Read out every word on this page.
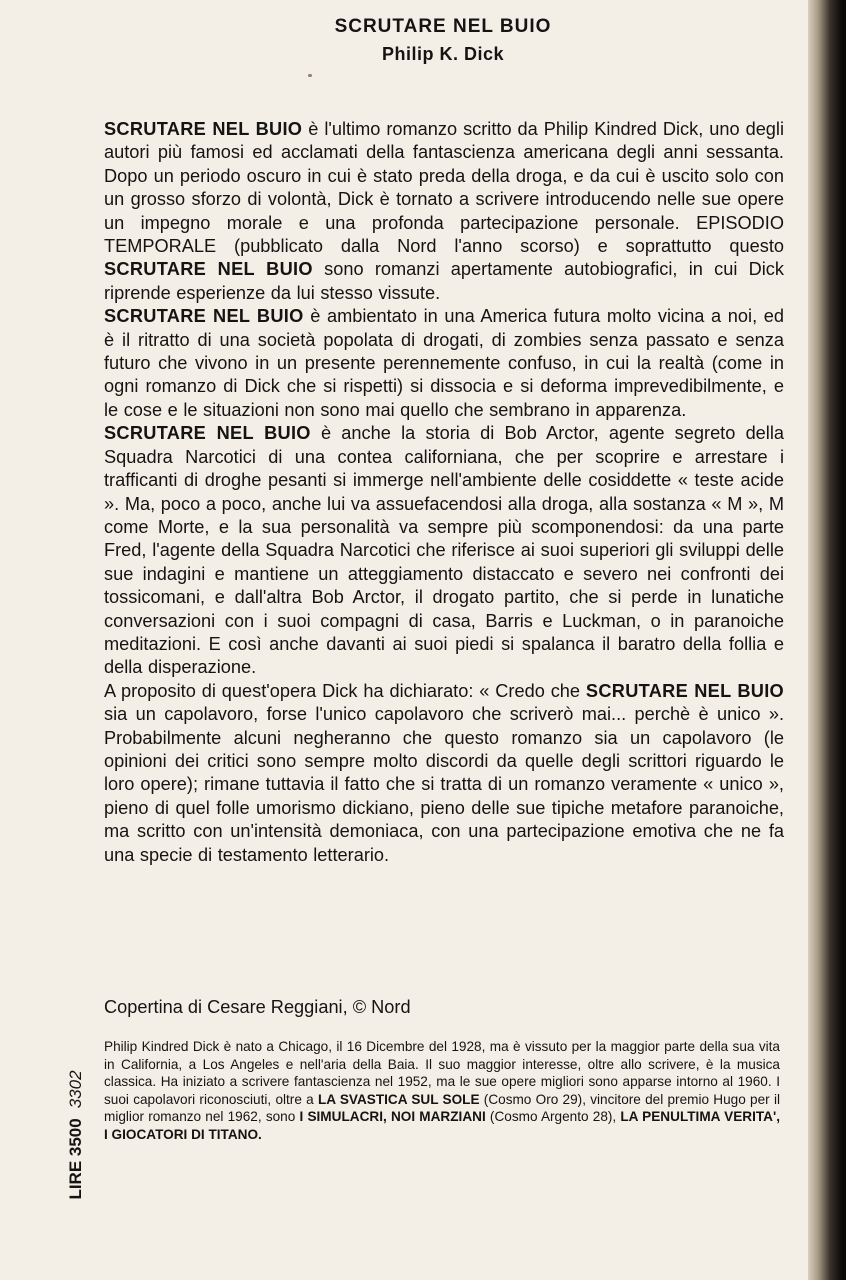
SCRUTARE NEL BUIO
Philip K. Dick

SCRUTARE NEL BUIO è l'ultimo romanzo scritto da Philip Kindred Dick, uno degli autori più famosi ed acclamati della fantascienza americana degli anni sessanta. Dopo un periodo oscuro in cui è stato preda della droga, e da cui è uscito solo con un grosso sforzo di volontà, Dick è tornato a scrivere introducendo nelle sue opere un impegno morale e una profonda partecipazione personale. EPISODIO TEMPORALE (pubblicato dalla Nord l'anno scorso) e soprattutto questo SCRUTARE NEL BUIO sono romanzi apertamente autobiografici, in cui Dick riprende esperienze da lui stesso vissute.

SCRUTARE NEL BUIO è ambientato in una America futura molto vicina a noi, ed è il ritratto di una società popolata di drogati, di zombies senza passato e senza futuro che vivono in un presente perennemente confuso, in cui la realtà (come in ogni romanzo di Dick che si rispetti) si dissocia e si deforma imprevedibilmente, e le cose e le situazioni non sono mai quello che sembrano in apparenza.

SCRUTARE NEL BUIO è anche la storia di Bob Arctor, agente segreto della Squadra Narcotici di una contea californiana, che per scoprire e arrestare i trafficanti di droghe pesanti si immerge nell'ambiente delle cosiddette « teste acide ». Ma, poco a poco, anche lui va assuefacendosi alla droga, alla sostanza « M », M come Morte, e la sua personalità va sempre più scomponendosi: da una parte Fred, l'agente della Squadra Narcotici che riferisce ai suoi superiori gli sviluppi delle sue indagini e mantiene un atteggiamento distaccato e severo nei confronti dei tossicomani, e dall'altra Bob Arctor, il drogato partito, che si perde in lunatiche conversazioni con i suoi compagni di casa, Barris e Luckman, o in paranoiche meditazioni. E così anche davanti ai suoi piedi si spalanca il baratro della follia e della disperazione.

A proposito di quest'opera Dick ha dichiarato: « Credo che SCRUTARE NEL BUIO sia un capolavoro, forse l'unico capolavoro che scriverò mai... perchè è unico ». Probabilmente alcuni negheranno che questo romanzo sia un capolavoro (le opinioni dei critici sono sempre molto discordi da quelle degli scrittori riguardo le loro opere); rimane tuttavia il fatto che si tratta di un romanzo veramente « unico », pieno di quel folle umorismo dickiano, pieno delle sue tipiche metafore paranoiche, ma scritto con un'intensità demoniaca, con una partecipazione emotiva che ne fa una specie di testamento letterario.

Copertina di Cesare Reggiani, © Nord
LIRE 35003302
Philip Kindred Dick è nato a Chicago, il 16 Dicembre del 1928, ma è vissuto per la maggior parte della sua vita in California, a Los Angeles e nell'aria della Baia. Il suo maggior interesse, oltre allo scrivere, è la musica classica. Ha iniziato a scrivere fantascienza nel 1952, ma le sue opere migliori sono apparse intorno al 1960. I suoi capolavori riconosciuti, oltre a LA SVASTICA SUL SOLE (Cosmo Oro 29), vincitore del premio Hugo per il miglior romanzo nel 1962, sono I SIMULACRI, NOI MARZIANI (Cosmo Argento 28), LA PENULTIMA VERITA', I GIOCATORI DI TITANO.
